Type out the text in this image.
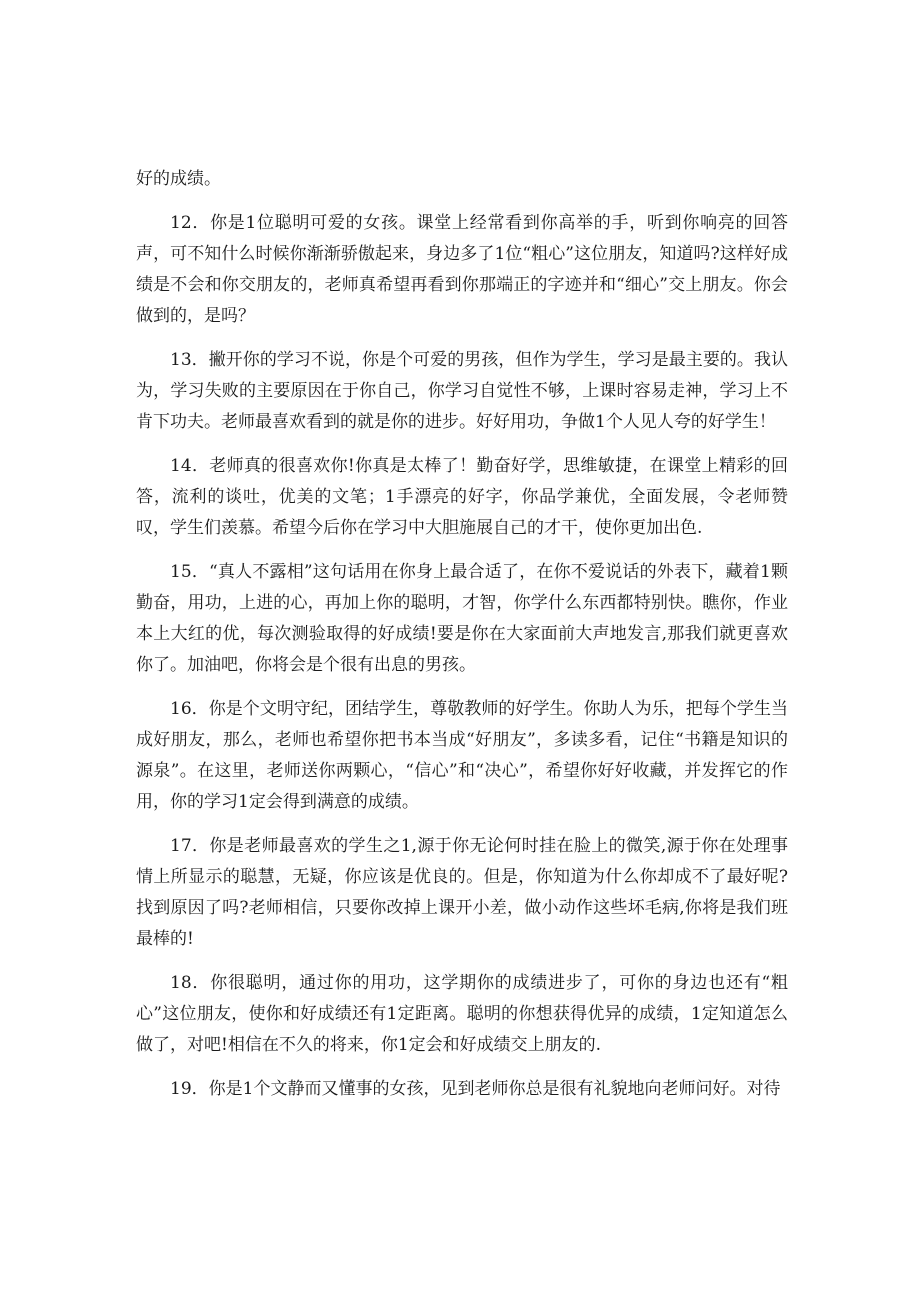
好的成绩。

12．你是1位聪明可爱的女孩。课堂上经常看到你高举的手，听到你响亮的回答声，可不知什么时候你渐渐骄傲起来，身边多了1位“粗心”这位朋友，知道吗?这样好成绩是不会和你交朋友的，老师真希望再看到你那端正的字迹并和“细心”交上朋友。你会做到的，是吗？

13．撇开你的学习不说，你是个可爱的男孩，但作为学生，学习是最主要的。我认为，学习失败的主要原因在于你自己，你学习自觉性不够，上课时容易走神，学习上不肯下功夫。老师最喜欢看到的就是你的进步。好好用功，争做1个人见人夸的好学生！

14．老师真的很喜欢你!你真是太棒了！勤奋好学，思维敏捷，在课堂上精彩的回答，流利的谈吐，优美的文笔；1手漂亮的好字，你品学兼优，全面发展，令老师赞叹，学生们羡慕。希望今后你在学习中大胆施展自己的才干，使你更加出色.

15．“真人不露相”这句话用在你身上最合适了，在你不爱说话的外表下，藏着1颗勤奋，用功，上进的心，再加上你的聪明，才智，你学什么东西都特别快。瞧你，作业本上大红的优，每次测验取得的好成绩!要是你在大家面前大声地发言,那我们就更喜欢你了。加油吧，你将会是个很有出息的男孩。

16．你是个文明守纪，团结学生，尊敬教师的好学生。你助人为乐，把每个学生当成好朋友，那么，老师也希望你把书本当成“好朋友”，多读多看，记住“书籍是知识的源泉”。在这里，老师送你两颗心，“信心”和“决心”，希望你好好收藏，并发挥它的作用，你的学习1定会得到满意的成绩。

17．你是老师最喜欢的学生之1,源于你无论何时挂在脸上的微笑,源于你在处理事情上所显示的聪慧，无疑，你应该是优良的。但是，你知道为什么你却成不了最好呢?找到原因了吗?老师相信，只要你改掉上课开小差，做小动作这些坏毛病,你将是我们班最棒的!

18．你很聪明，通过你的用功，这学期你的成绩进步了，可你的身边也还有“粗心”这位朋友，使你和好成绩还有1定距离。聪明的你想获得优异的成绩，1定知道怎么做了，对吧!相信在不久的将来，你1定会和好成绩交上朋友的.

19．你是1个文静而又懂事的女孩，见到老师你总是很有礼貌地向老师问好。对待
